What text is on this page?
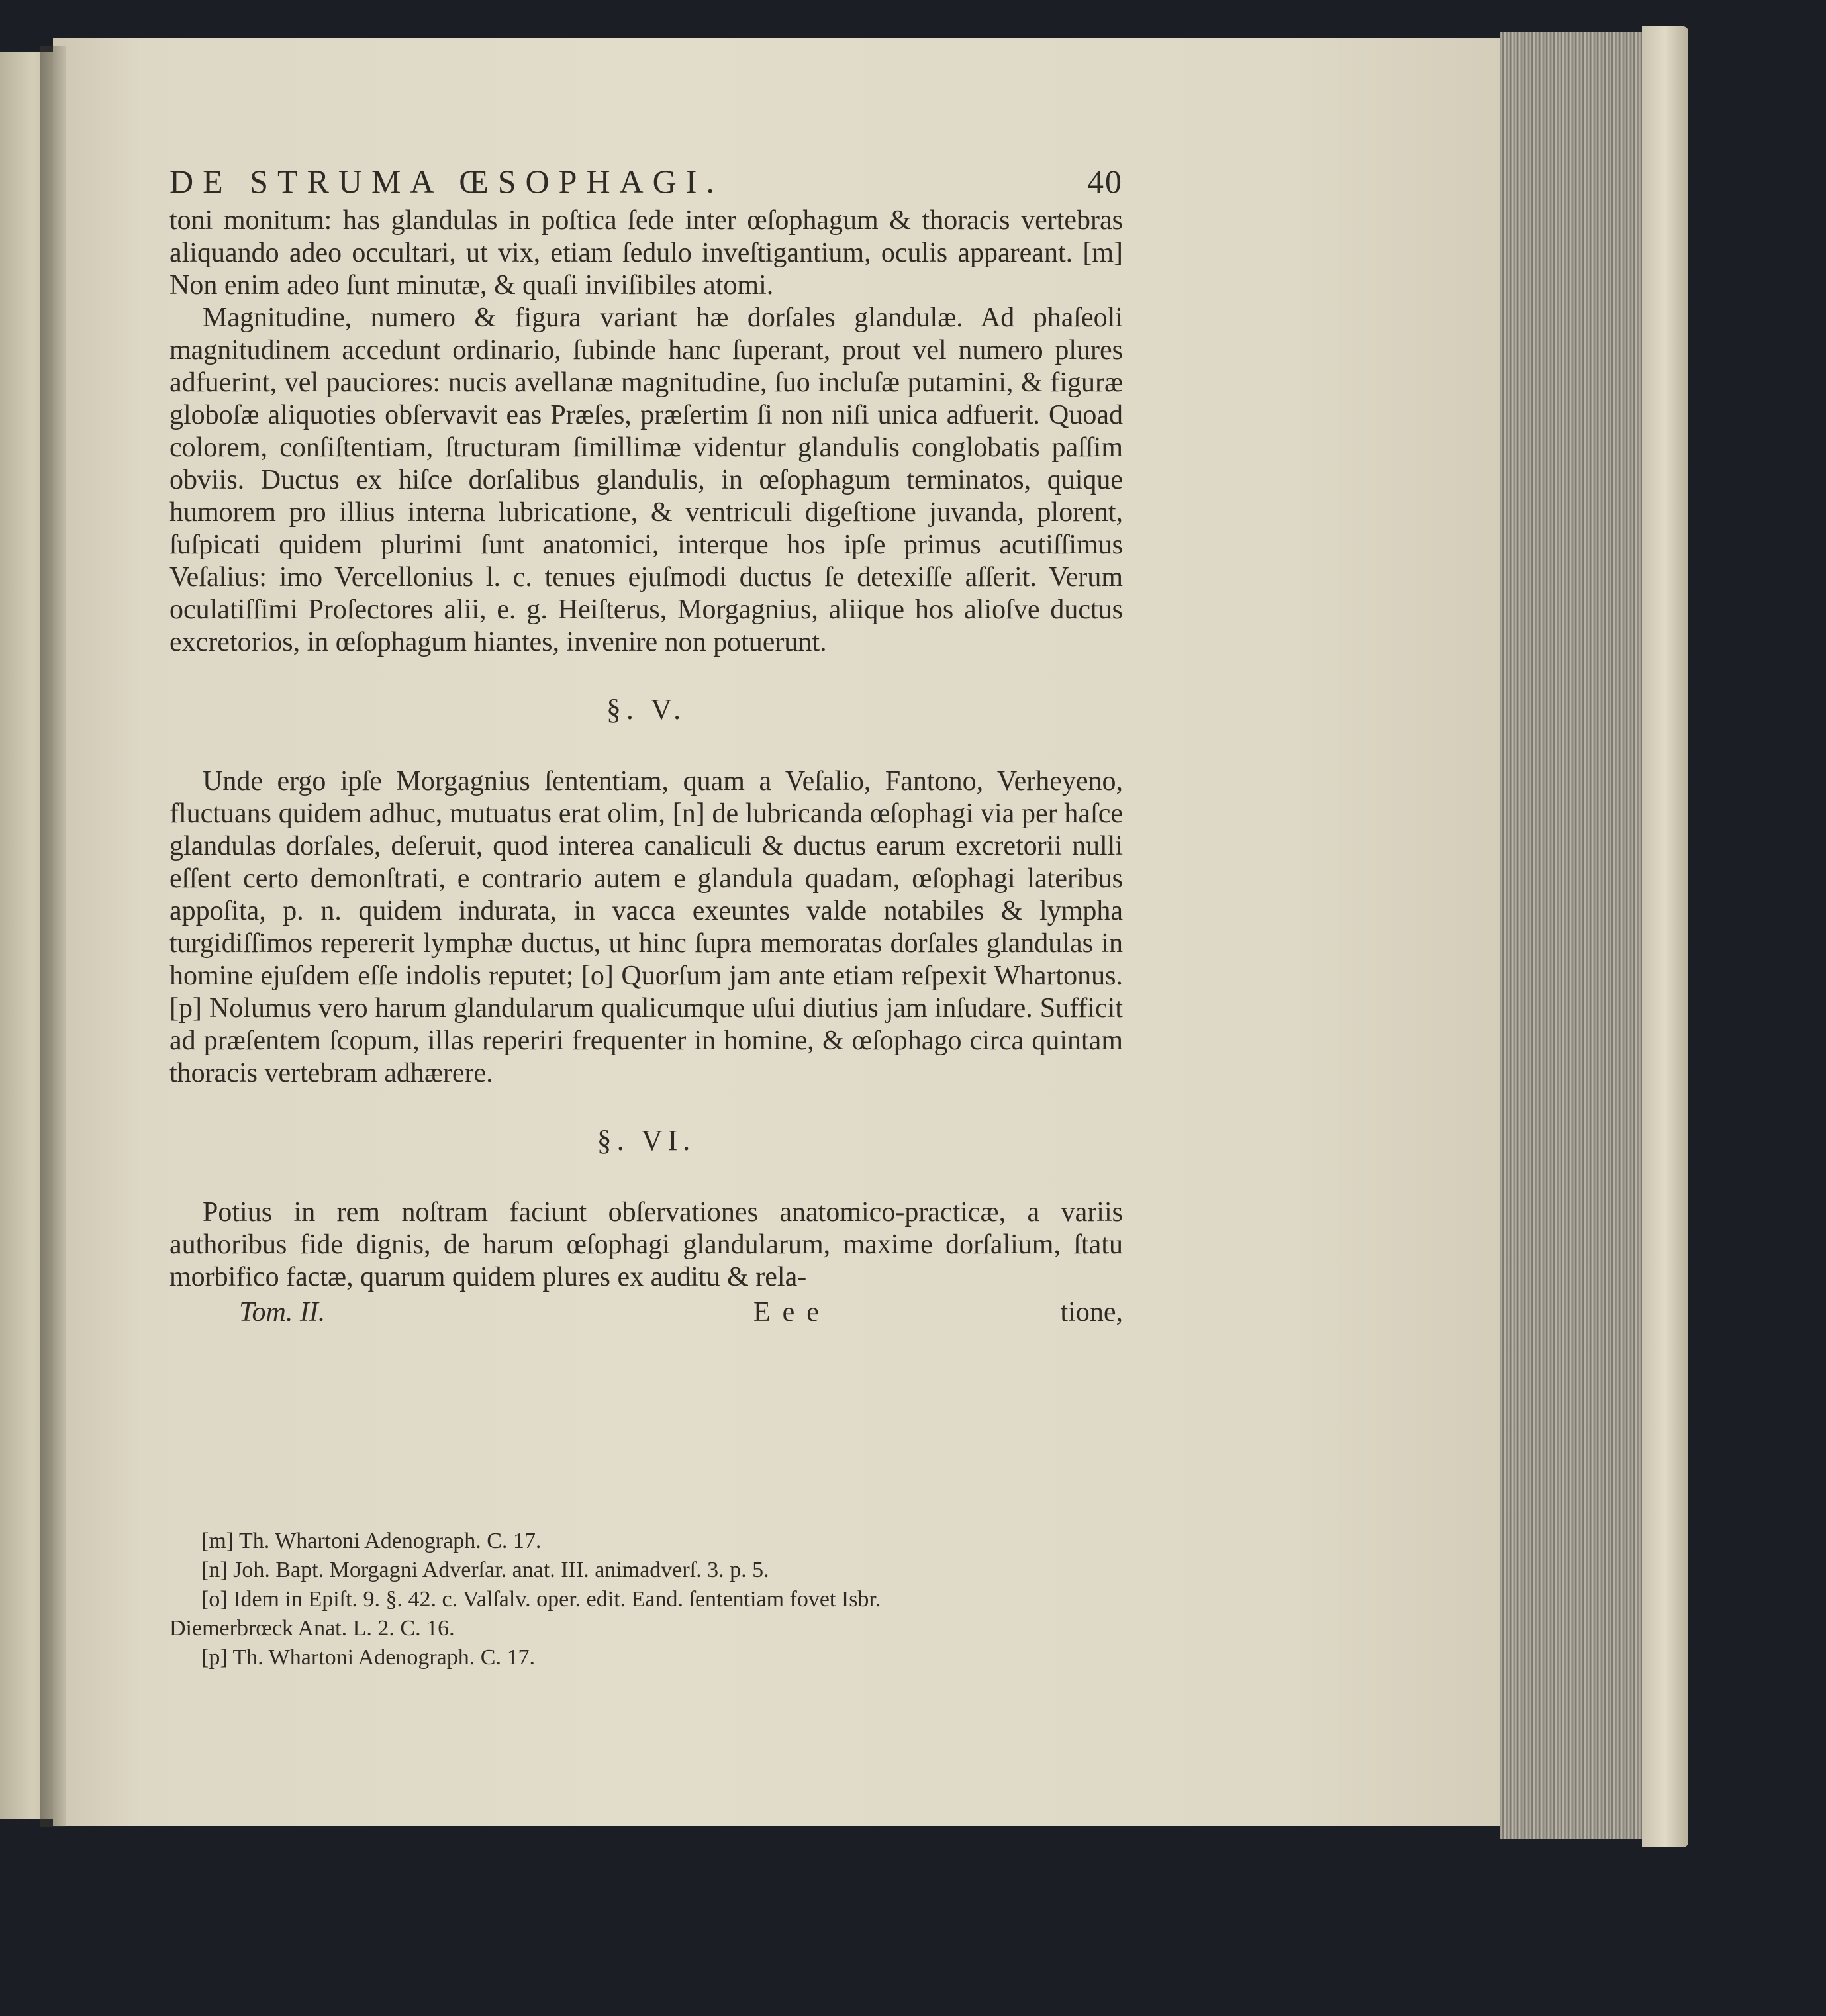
DE STRUMA ŒSOPHAGI.	40

toni monitum: has glandulas in poſtica ſede inter œſophagum & thoracis vertebras aliquando adeo occultari, ut vix, etiam ſedulo inveſtigantium, oculis appareant. [m] Non enim adeo ſunt minutæ, & quaſi inviſibiles atomi.

Magnitudine, numero & figura variant hæ dorſales glandulæ. Ad phaſeoli magnitudinem accedunt ordinario, ſubinde hanc ſuperant, prout vel numero plures adfuerint, vel pauciores: nucis avellanæ magnitudine, ſuo incluſæ putamini, & figuræ globoſæ aliquoties obſervavit eas Præſes, præſertim ſi non niſi unica adfuerit. Quoad colorem, conſiſtentiam, ſtructuram ſimillimæ videntur glandulis conglobatis paſſim obviis. Ductus ex hiſce dorſalibus glandulis, in œſophagum terminatos, quique humorem pro illius interna lubricatione, & ventriculi digeſtione juvanda, plorent, ſuſpicati quidem plurimi ſunt anatomici, interque hos ipſe primus acutiſſimus Veſalius: imo Vercellonius l. c. tenues ejuſmodi ductus ſe detexiſſe aſſerit. Verum oculatiſſimi Proſectores alii, e. g. Heiſterus, Morgagnius, aliique hos alioſve ductus excretorios, in œſophagum hiantes, invenire non potuerunt.

§. V.

Unde ergo ipſe Morgagnius ſententiam, quam a Veſalio, Fantono, Verheyeno, fluctuans quidem adhuc, mutuatus erat olim, [n] de lubricanda œſophagi via per haſce glandulas dorſales, deſeruit, quod interea canaliculi & ductus earum excretorii nulli eſſent certo demonſtrati, e contrario autem e glandula quadam, œſophagi lateribus appoſita, p. n. quidem indurata, in vacca exeuntes valde notabiles & lympha turgidiſſimos repererit lymphæ ductus, ut hinc ſupra memoratas dorſales glandulas in homine ejuſdem eſſe indolis reputet; [o] Quorſum jam ante etiam reſpexit Whartonus. [p] Nolumus vero harum glandularum qualicumque uſui diutius jam inſudare. Sufficit ad præſentem ſcopum, illas reperiri frequenter in homine, & œſophago circa quintam thoracis vertebram adhærere.

§. VI.

Potius in rem noſtram faciunt obſervationes anatomico-practicæ, a variis authoribus fide dignis, de harum œſophagi glandularum, maxime dorſalium, ſtatu morbifico factæ, quarum quidem plures ex auditu & rela-

Tom. II.	Eee	tione,

[m] Th. Whartoni Adenograph. C. 17.

[n] Joh. Bapt. Morgagni Adverſar. anat. III. animadverſ. 3. p. 5.

[o] Idem in Epiſt. 9. §. 42. c. Valſalv. oper. edit. Eand. ſententiam fovet Isbr.

Diemerbrœck Anat. L. 2. C. 16.

[p] Th. Whartoni Adenograph. C. 17.
